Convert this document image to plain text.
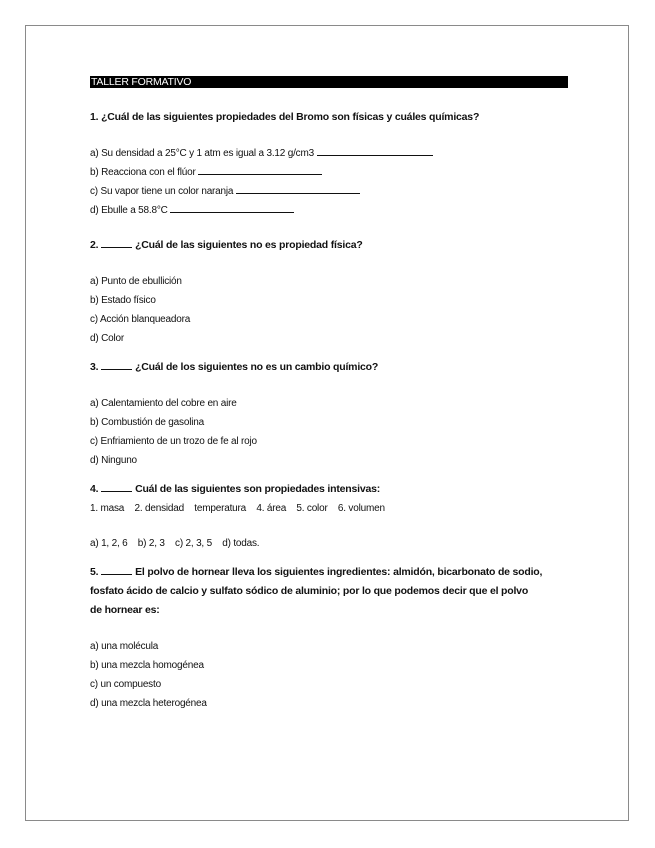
TALLER FORMATIVO
1. ¿Cuál de las siguientes propiedades del Bromo son físicas y cuáles químicas?
a) Su densidad a 25°C y 1 atm es igual a 3.12 g/cm3
b) Reacciona con el flúor
c) Su vapor tiene un color naranja
d) Ebulle a 58.8°C
2.	¿Cuál de las siguientes no es propiedad física?
a) Punto de ebullición
b) Estado físico
c) Acción blanqueadora
d) Color
3.	¿Cuál de los siguientes no es un cambio químico?
a) Calentamiento del cobre en aire
b) Combustión de gasolina
c) Enfriamiento de un trozo de fe al rojo
d) Ninguno
4.	Cuál de las siguientes son propiedades intensivas:
1. masa    2. densidad    temperatura    4. área    5. color    6. volumen
a) 1, 2, 6    b) 2, 3    c) 2, 3, 5    d) todas.
5.	El polvo de hornear lleva los siguientes ingredientes: almidón, bicarbonato de sodio,
fosfato ácido de calcio y sulfato sódico de aluminio; por lo que podemos decir que el polvo
de hornear es:
a) una molécula
b) una mezcla homogénea
c) un compuesto
d) una mezcla heterogénea
